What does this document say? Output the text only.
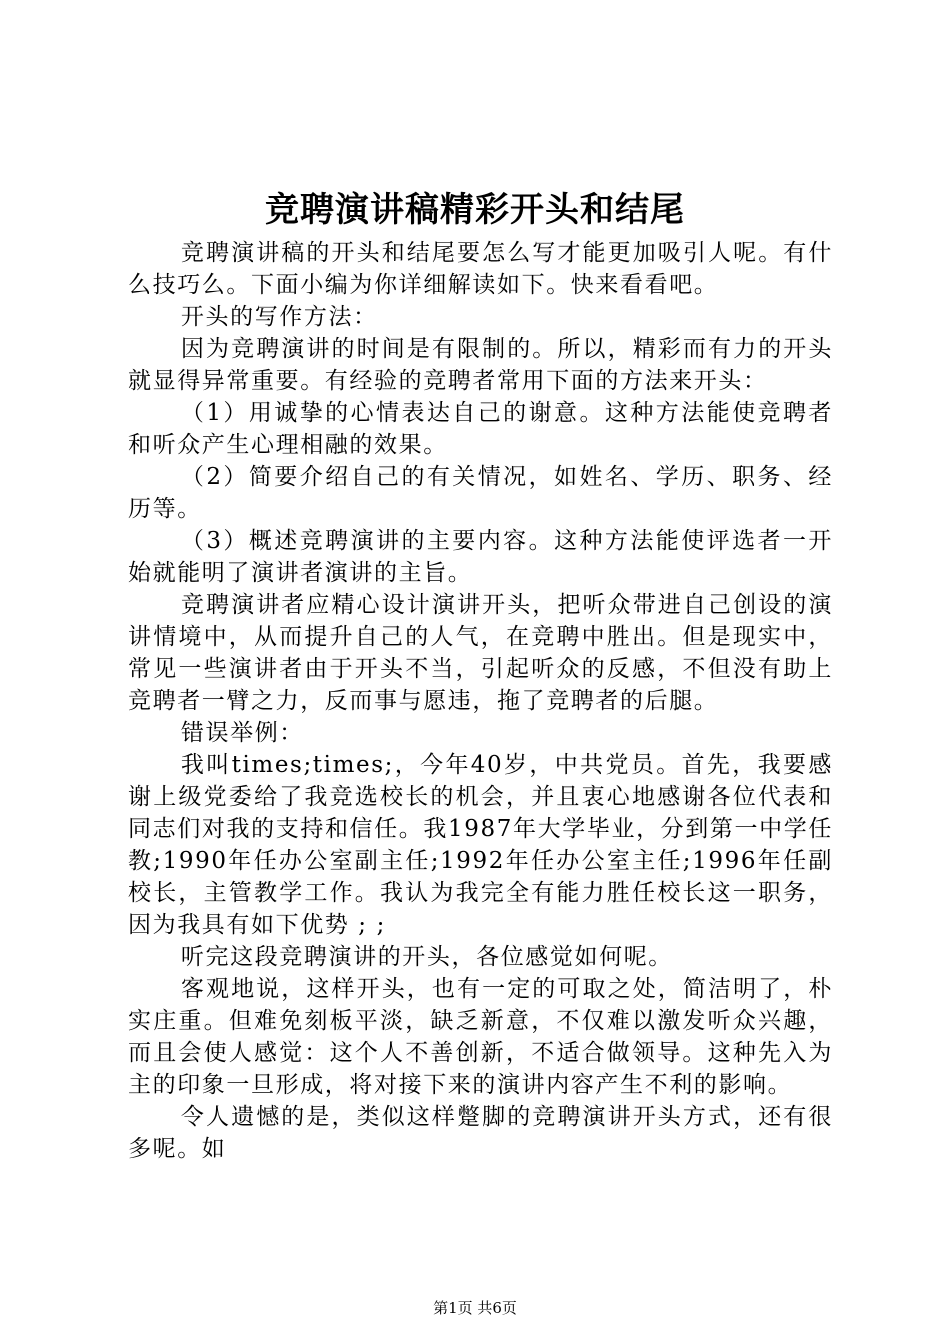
竞聘演讲稿精彩开头和结尾

竞聘演讲稿的开头和结尾要怎么写才能更加吸引人呢。有什么技巧么。下面小编为你详细解读如下。快来看看吧。

开头的写作方法：

因为竞聘演讲的时间是有限制的。所以，精彩而有力的开头就显得异常重要。有经验的竞聘者常用下面的方法来开头：

（1）用诚挚的心情表达自己的谢意。这种方法能使竞聘者和听众产生心理相融的效果。

（2）简要介绍自己的有关情况，如姓名、学历、职务、经历等。

（3）概述竞聘演讲的主要内容。这种方法能使评选者一开始就能明了演讲者演讲的主旨。

竞聘演讲者应精心设计演讲开头，把听众带进自己创设的演讲情境中，从而提升自己的人气，在竞聘中胜出。但是现实中，常见一些演讲者由于开头不当，引起听众的反感，不但没有助上竞聘者一臂之力，反而事与愿违，拖了竞聘者的后腿。

错误举例：

我叫times;times;，今年40岁，中共党员。首先，我要感谢上级党委给了我竞选校长的机会，并且衷心地感谢各位代表和同志们对我的支持和信任。我1987年大学毕业，分到第一中学任教;1990年任办公室副主任;1992年任办公室主任;1996年任副校长，主管教学工作。我认为我完全有能力胜任校长这一职务，因为我具有如下优势 ; ;

听完这段竞聘演讲的开头，各位感觉如何呢。

客观地说，这样开头，也有一定的可取之处，简洁明了，朴实庄重。但难免刻板平淡，缺乏新意，不仅难以激发听众兴趣，而且会使人感觉：这个人不善创新，不适合做领导。这种先入为主的印象一旦形成，将对接下来的演讲内容产生不利的影响。

令人遗憾的是，类似这样蹩脚的竞聘演讲开头方式，还有很多呢。如

第1页 共6页
